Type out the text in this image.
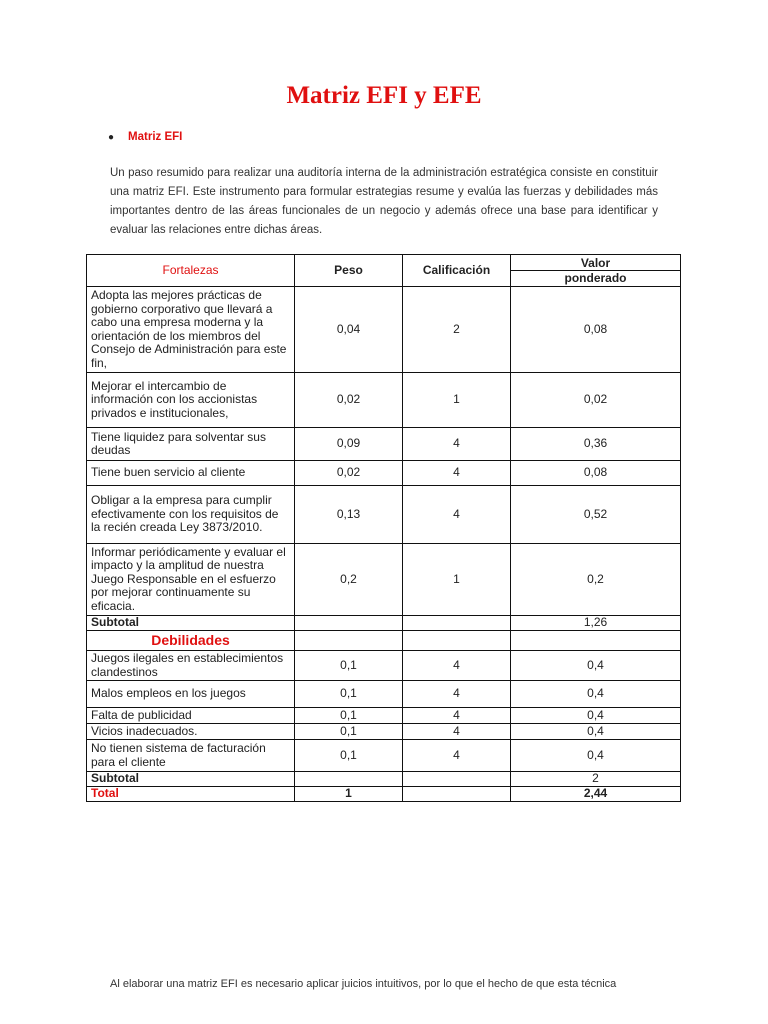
Matriz EFI y EFE
● Matriz EFI
Un paso resumido para realizar una auditoría interna de la administración estratégica consiste en constituir una matriz EFI. Este instrumento para formular estrategias resume y evalúa las fuerzas y debilidades más importantes dentro de las áreas funcionales de un negocio y además ofrece una base para identificar y evaluar las relaciones entre dichas áreas.
Fortalezas	Peso	Calificación	Valor
ponderado

Adopta las mejores prácticas de gobierno corporativo que llevará a cabo una empresa moderna y la orientación de los miembros del Consejo de Administración para este fin,	0,04	2	0,08
Mejorar el intercambio de información con los accionistas privados e institucionales,	0,02	1	0,02
Tiene liquidez para solventar sus deudas	0,09	4	0,36
Tiene buen servicio al cliente	0,02	4	0,08
Obligar a la empresa para cumplir efectivamente con los requisitos de la recién creada Ley 3873/2010.	0,13	4	0,52
Informar periódicamente y evaluar el impacto y la amplitud de nuestra Juego Responsable en el esfuerzo por mejorar continuamente su eficacia.	0,2	1	0,2
Subtotal			1,26
Debilidades			
Juegos ilegales en establecimientos clandestinos	0,1	4	0,4
Malos empleos en los juegos	0,1	4	0,4
Falta de publicidad	0,1	4	0,4
Vicios inadecuados.	0,1	4	0,4
No tienen sistema de facturación para el cliente	0,1	4	0,4
Subtotal			2
Total	1		2,44
Al elaborar una matriz EFI es necesario aplicar juicios intuitivos, por lo que el hecho de que esta técnica
